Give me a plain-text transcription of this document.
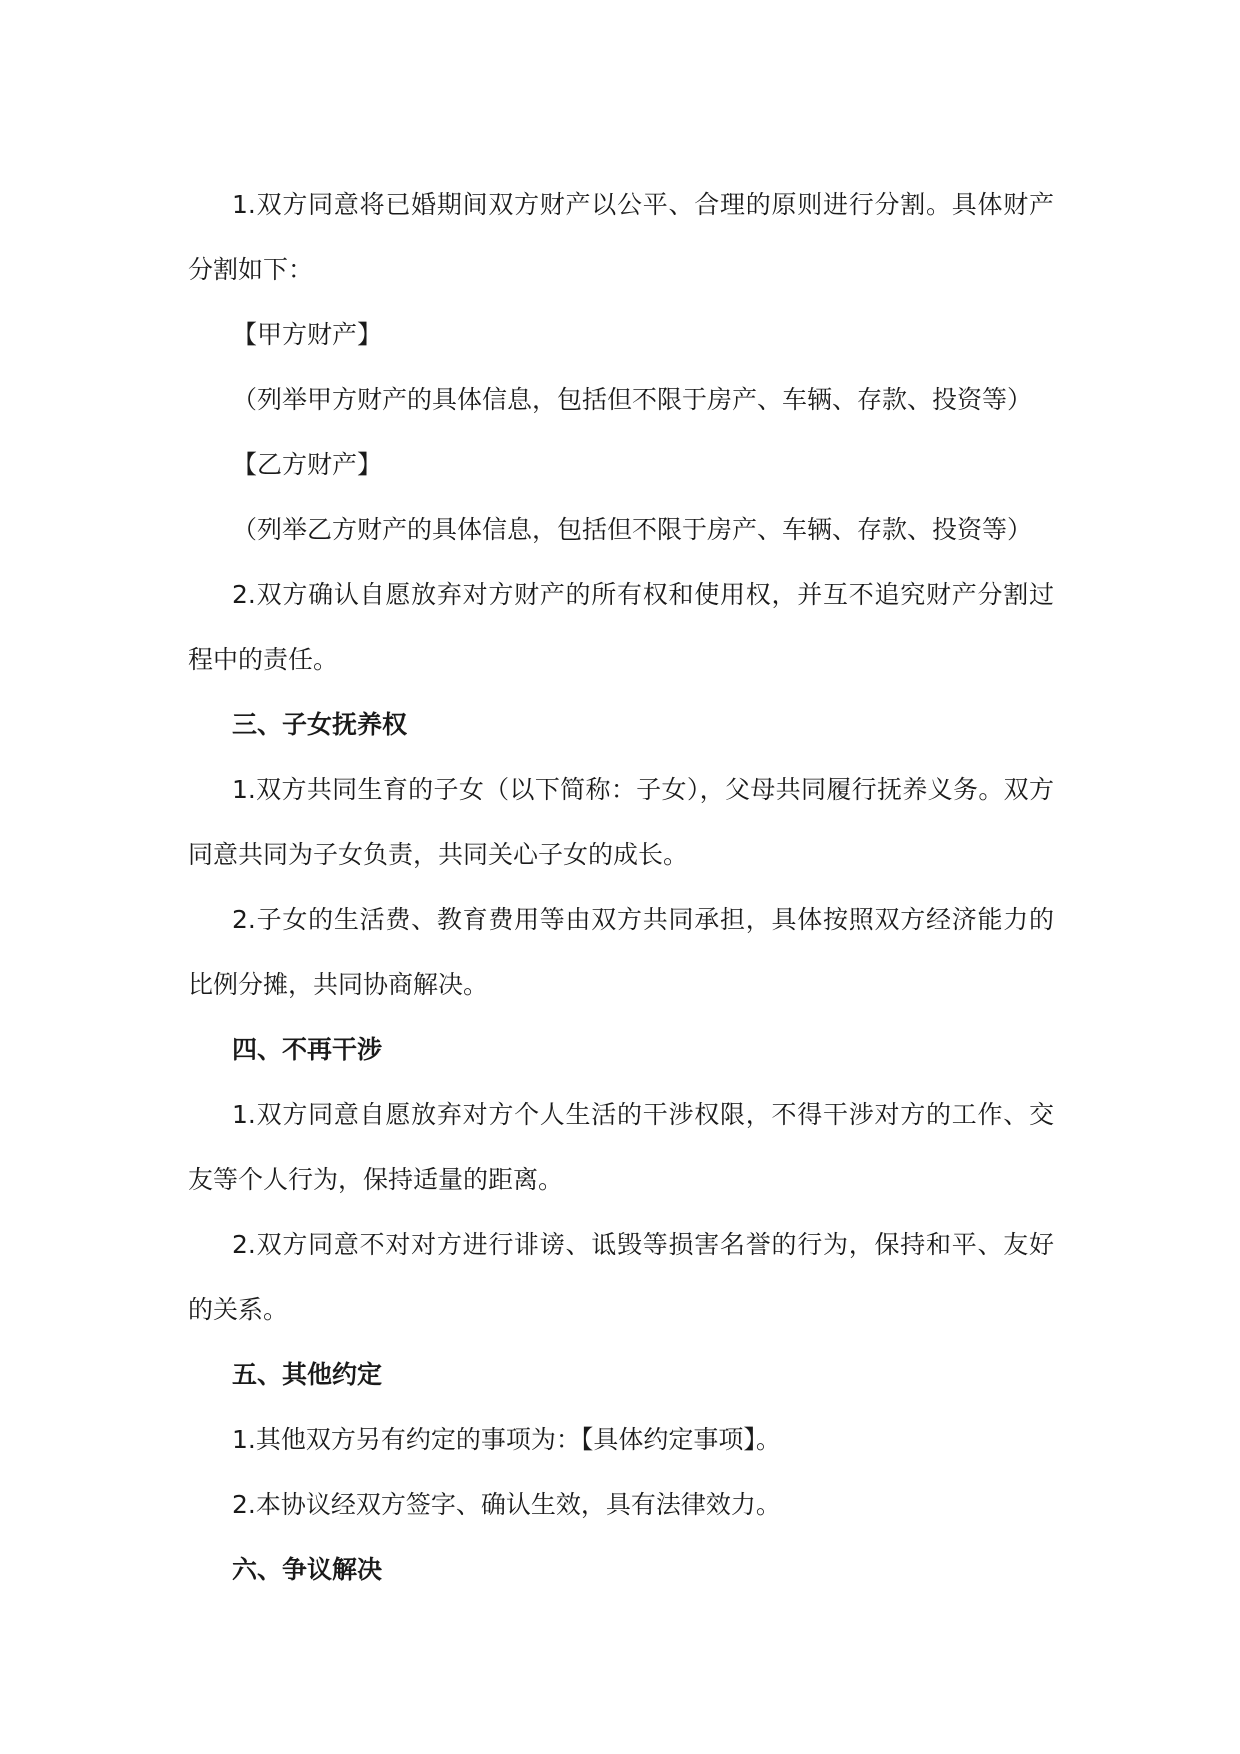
1.双方同意将已婚期间双方财产以公平、合理的原则进行分割。具体财产分割如下：

【甲方财产】

（列举甲方财产的具体信息，包括但不限于房产、车辆、存款、投资等）

【乙方财产】

（列举乙方财产的具体信息，包括但不限于房产、车辆、存款、投资等）

2.双方确认自愿放弃对方财产的所有权和使用权，并互不追究财产分割过程中的责任。

三、子女抚养权

1.双方共同生育的子女（以下简称：子女），父母共同履行抚养义务。双方同意共同为子女负责，共同关心子女的成长。

2.子女的生活费、教育费用等由双方共同承担，具体按照双方经济能力的比例分摊，共同协商解决。

四、不再干涉

1.双方同意自愿放弃对方个人生活的干涉权限，不得干涉对方的工作、交友等个人行为，保持适量的距离。

2.双方同意不对对方进行诽谤、诋毁等损害名誉的行为，保持和平、友好的关系。

五、其他约定

1.其他双方另有约定的事项为：【具体约定事项】。

2.本协议经双方签字、确认生效，具有法律效力。

六、争议解决
